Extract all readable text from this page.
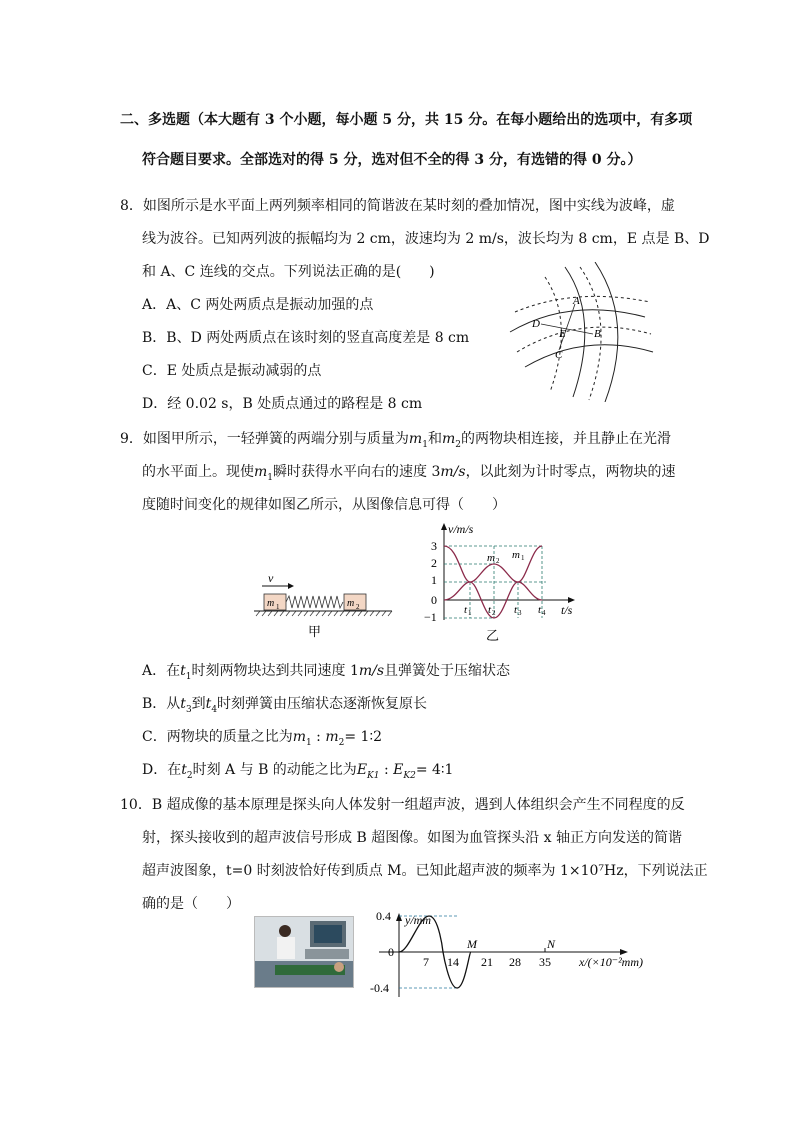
二、多选题（本大题有 3 个小题，每小题 5 分，共 15 分。在每小题给出的选项中，有多项
符合题目要求。全部选对的得 5 分，选对但不全的得 3 分，有选错的得 0 分。）
8．如图所示是水平面上两列频率相同的简谐波在某时刻的叠加情况，图中实线为波峰，虚
线为波谷。已知两列波的振幅均为 2 cm，波速均为 2 m/s，波长均为 8 cm，E 点是 B、D
和 A、C 连线的交点。下列说法正确的是(　　)
A．A、C 两处两质点是振动加强的点
B．B、D 两处两质点在该时刻的竖直高度差是 8 cm
C．E 处质点是振动减弱的点
D．经 0.02 s，B 处质点通过的路程是 8 cm
A
B
C
D
E
9．如图甲所示，一轻弹簧的两端分别与质量为$m_1$和$m_2$的两物块相连接，并且静止在光滑
的水平面上。现使$m_1$瞬时获得水平向右的速度 3m/s，以此刻为计时零点，两物块的速
度随时间变化的规律如图乙所示，从图像信息可得（　　）
v
m 1	m 2
甲
v/m/s
t/s
3
2
1
0
−1
m 2 m 1
t 1 t 2 t 3 t 4
乙
A．在$t_1$时刻两物块达到共同速度 1m/s且弹簧处于压缩状态
B．从$t_3$到$t_4$时刻弹簧由压缩状态逐渐恢复原长
C．两物块的质量之比为$m_1$ : $m_2=$ 1∶2
D．在$t_2$时刻 A 与 B 的动能之比为$E_{K1}$ : $E_{K2}=$ 4∶1
10．B 超成像的基本原理是探头向人体发射一组超声波，遇到人体组织会产生不同程度的反
射，探头接收到的超声波信号形成 B 超图像。如图为血管探头沿 x 轴正方向发送的简谐
超声波图象，t=0 时刻波恰好传到质点 M。已知此超声波的频率为 1×10⁷Hz，下列说法正
确的是（　　）
y/mm
x/(×10⁻²mm)
0.4
0
-0.4
7 14 21 28 35
M	N
